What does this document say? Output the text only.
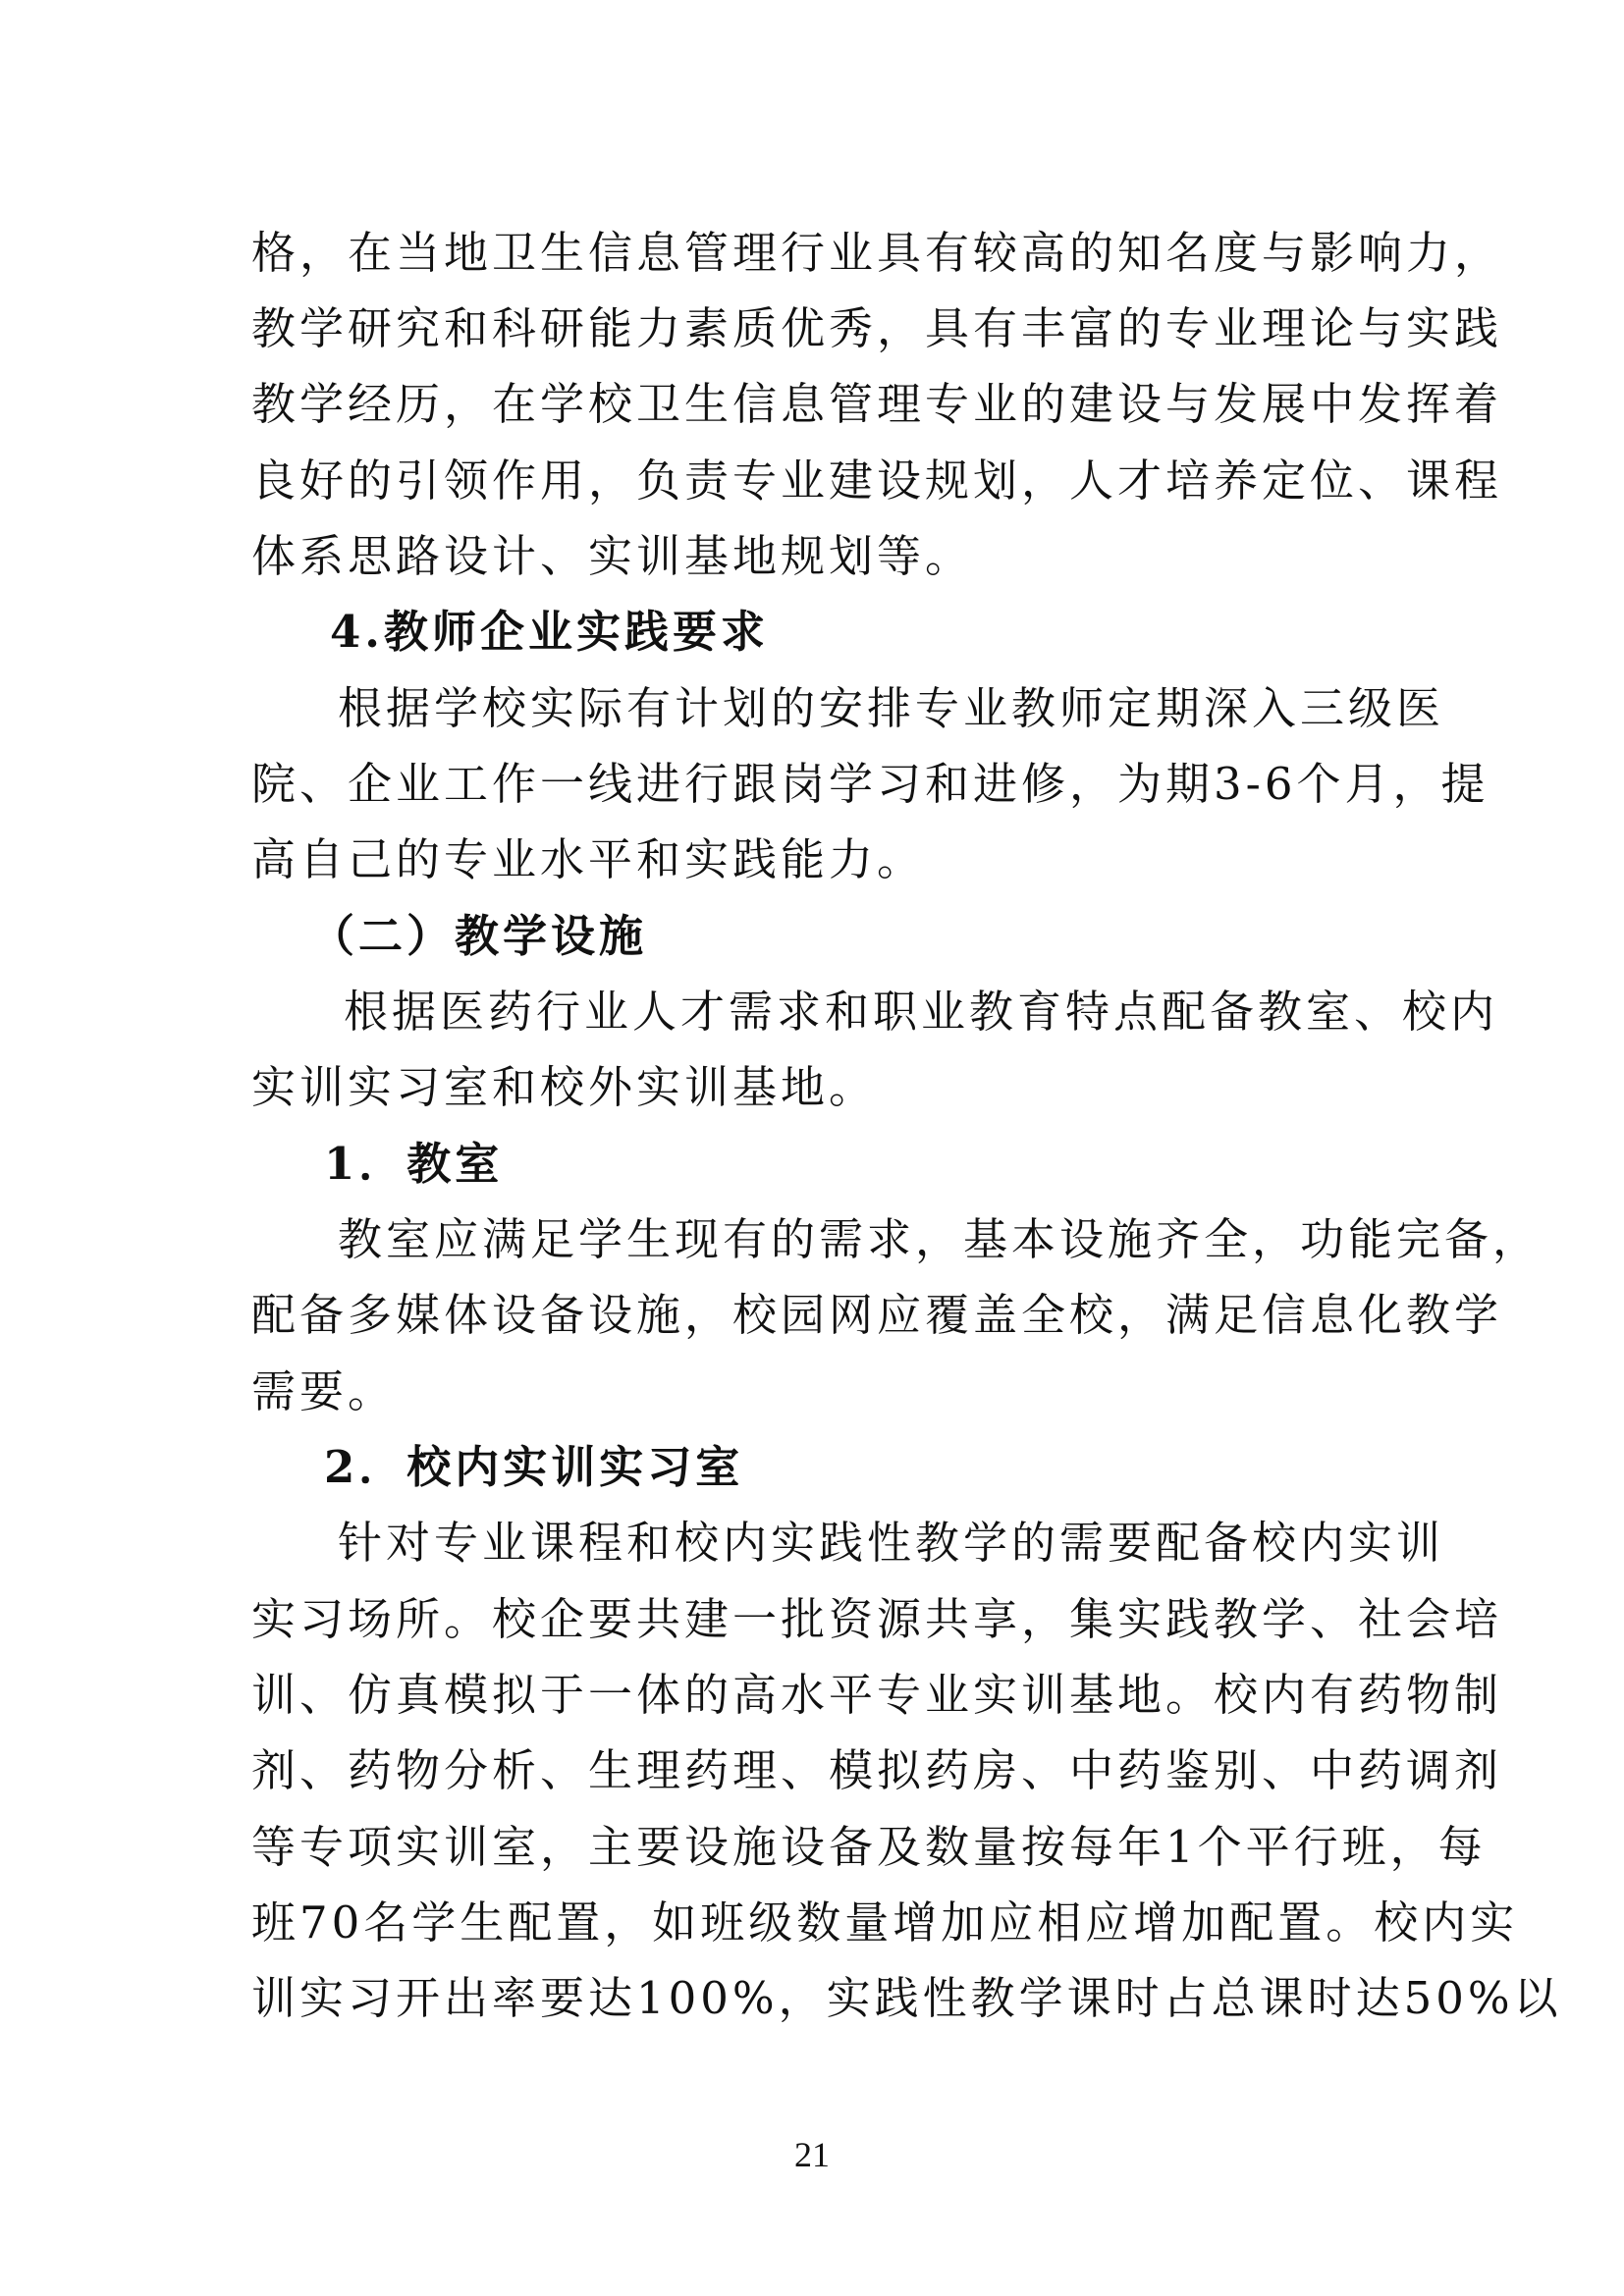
格，在当地卫生信息管理行业具有较高的知名度与影响力，
教学研究和科研能力素质优秀，具有丰富的专业理论与实践
教学经历，在学校卫生信息管理专业的建设与发展中发挥着
良好的引领作用，负责专业建设规划，人才培养定位、课程
体系思路设计、实训基地规划等。
4.教师企业实践要求
根据学校实际有计划的安排专业教师定期深入三级医
院、企业工作一线进行跟岗学习和进修，为期3-6个月，提
高自己的专业水平和实践能力。
（二）教学设施
根据医药行业人才需求和职业教育特点配备教室、校内
实训实习室和校外实训基地。
1．教室
教室应满足学生现有的需求，基本设施齐全，功能完备，
配备多媒体设备设施，校园网应覆盖全校，满足信息化教学
需要。
2．校内实训实习室
针对专业课程和校内实践性教学的需要配备校内实训
实习场所。校企要共建一批资源共享，集实践教学、社会培
训、仿真模拟于一体的高水平专业实训基地。校内有药物制
剂、药物分析、生理药理、模拟药房、中药鉴别、中药调剂
等专项实训室，主要设施设备及数量按每年1个平行班，每
班70名学生配置，如班级数量增加应相应增加配置。校内实
训实习开出率要达100%，实践性教学课时占总课时达50%以
21
